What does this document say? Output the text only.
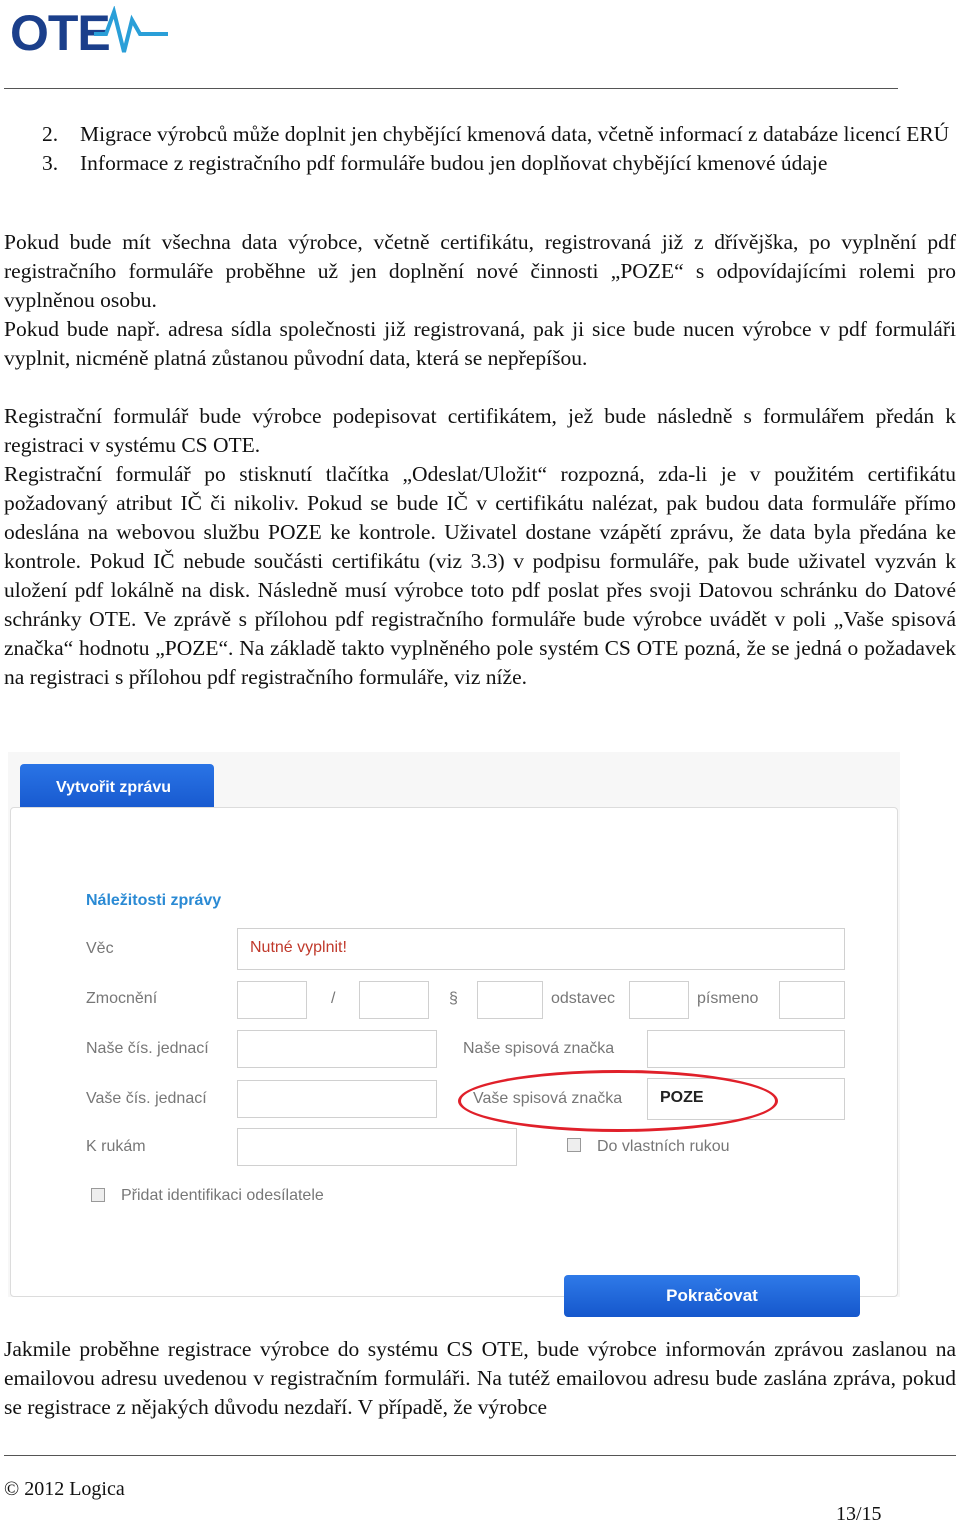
OTE
2. Migrace výrobců může doplnit jen chybějící kmenová data, včetně informací z databáze licencí ERÚ
3. Informace z registračního pdf formuláře budou jen doplňovat chybějící kmenové údaje

Pokud bude mít všechna data výrobce, včetně certifikátu, registrovaná již z dřívějška, po vyplnění pdf registračního formuláře proběhne už jen doplnění nové činnosti „POZE“ s odpovídajícími rolemi pro vyplněnou osobu.

Pokud bude např. adresa sídla společnosti již registrovaná, pak ji sice bude nucen výrobce v pdf formuláři vyplnit, nicméně platná zůstanou původní data, která se nepřepíšou.

Registrační formulář bude výrobce podepisovat certifikátem, jež bude následně s formulářem předán k registraci v systému CS OTE.

Registrační formulář po stisknutí tlačítka „Odeslat/Uložit“ rozpozná, zda-li je v použitém certifikátu požadovaný atribut IČ či nikoliv. Pokud se bude IČ v certifikátu nalézat, pak budou data formuláře přímo odeslána na webovou službu POZE ke kontrole. Uživatel dostane vzápětí zprávu, že data byla předána ke kontrole. Pokud IČ nebude součásti certifikátu (viz 3.3) v podpisu formuláře, pak bude uživatel vyzván k uložení pdf lokálně na disk. Následně musí výrobce toto pdf poslat přes svoji Datovou schránku do Datové schránky OTE. Ve zprávě s přílohou pdf registračního formuláře bude výrobce uvádět v poli „Vaše spisová značka“ hodnotu „POZE“. Na základě takto vyplněného pole systém CS OTE pozná, že se jedná o požadavek na registraci s přílohou pdf registračního formuláře, viz níže.

Vytvořit zprávu
Náležitosti zprávy
Věc	Nutné vyplnit!
Zmocnění	/	§	odstavec	písmeno
Naše čís. jednací	Naše spisová značka
Vaše čís. jednací	Vaše spisová značka	POZE
K rukám	Do vlastních rukou
Přidat identifikaci odesílatele
Pokračovat

Jakmile proběhne registrace výrobce do systému CS OTE, bude výrobce informován zprávou zaslanou na emailovou adresu uvedenou v registračním formuláři. Na tutéž emailovou adresu bude zaslána zpráva, pokud se registrace z nějakých důvodu nezdaří. V případě, že výrobce

© 2012 Logica
13/15
